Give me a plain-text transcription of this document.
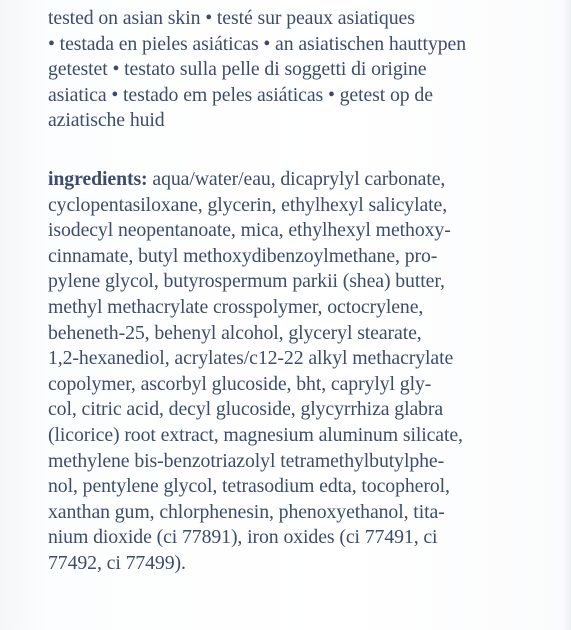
tested on asian skin • testé sur peaux asiatiques
• testada en pieles asiáticas • an asiatischen hauttypen
getestet • testato sulla pelle di soggetti di origine
asiatica • testado em peles asiáticas • getest op de
aziatische huid
ingredients: aqua/water/eau, dicaprylyl carbonate,
cyclopentasiloxane, glycerin, ethylhexyl salicylate,
isodecyl neopentanoate, mica, ethylhexyl methoxy-
cinnamate, butyl methoxydibenzoylmethane, pro-
pylene glycol, butyrospermum parkii (shea) butter,
methyl methacrylate crosspolymer, octocrylene,
beheneth-25, behenyl alcohol, glyceryl stearate,
1,2-hexanediol, acrylates/c12-22 alkyl methacrylate
copolymer, ascorbyl glucoside, bht, caprylyl gly-
col, citric acid, decyl glucoside, glycyrrhiza glabra
(licorice) root extract, magnesium aluminum silicate,
methylene bis-benzotriazolyl tetramethylbutylphe-
nol, pentylene glycol, tetrasodium edta, tocopherol,
xanthan gum, chlorphenesin, phenoxyethanol, tita-
nium dioxide (ci 77891), iron oxides (ci 77491, ci
77492, ci 77499).
